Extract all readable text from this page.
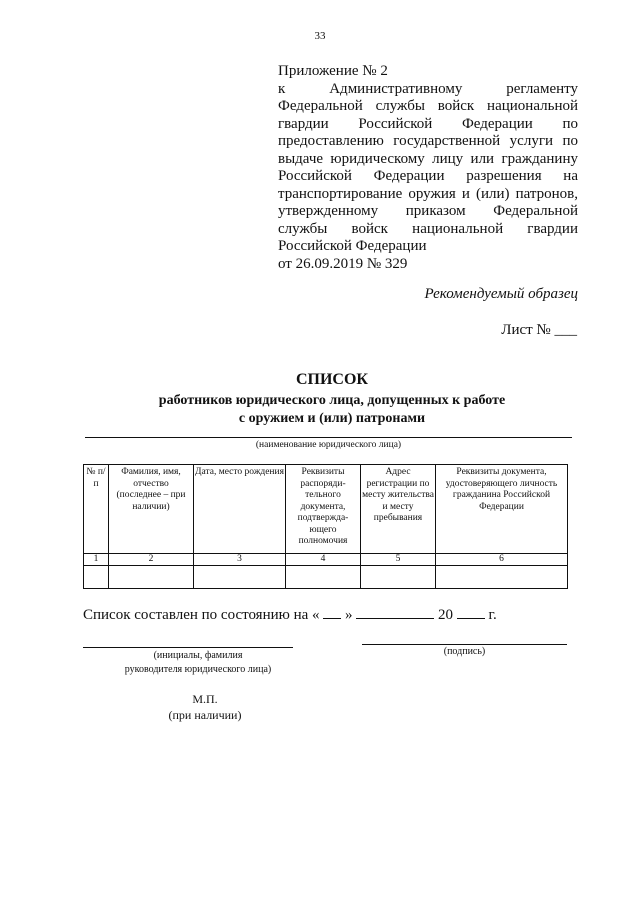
33
Приложение № 2
к Административному регламенту
Федеральной службы войск национальной
гвардии Российской Федерации по
предоставлению государственной услуги по
выдаче юридическому лицу или гражданину
Российской Федерации разрешения на
транспортирование оружия и (или) патронов,
утвержденному приказом Федеральной
службы войск национальной гвардии
Российской Федерации
от 26.09.2019 № 329
Рекомендуемый образец
Лист № ___
СПИСОК
работников юридического лица, допущенных к работе
с оружием и (или) патронами
(наименование юридического лица)
№ п/п	Фамилия, имя, отчество (последнее – при наличии)	Дата, место рождения	Реквизиты распоряди-тельного документа, подтвержда-ющего полномочия	Адрес регистрации по месту жительства и месту пребывания	Реквизиты документа, удостоверяющего личность гражданина Российской Федерации
1	2	3	4	5	6

Список составлен по состоянию на « »	20 г.
(инициалы, фамилия
руководителя юридического лица)
(подпись)
М.П.
(при наличии)
